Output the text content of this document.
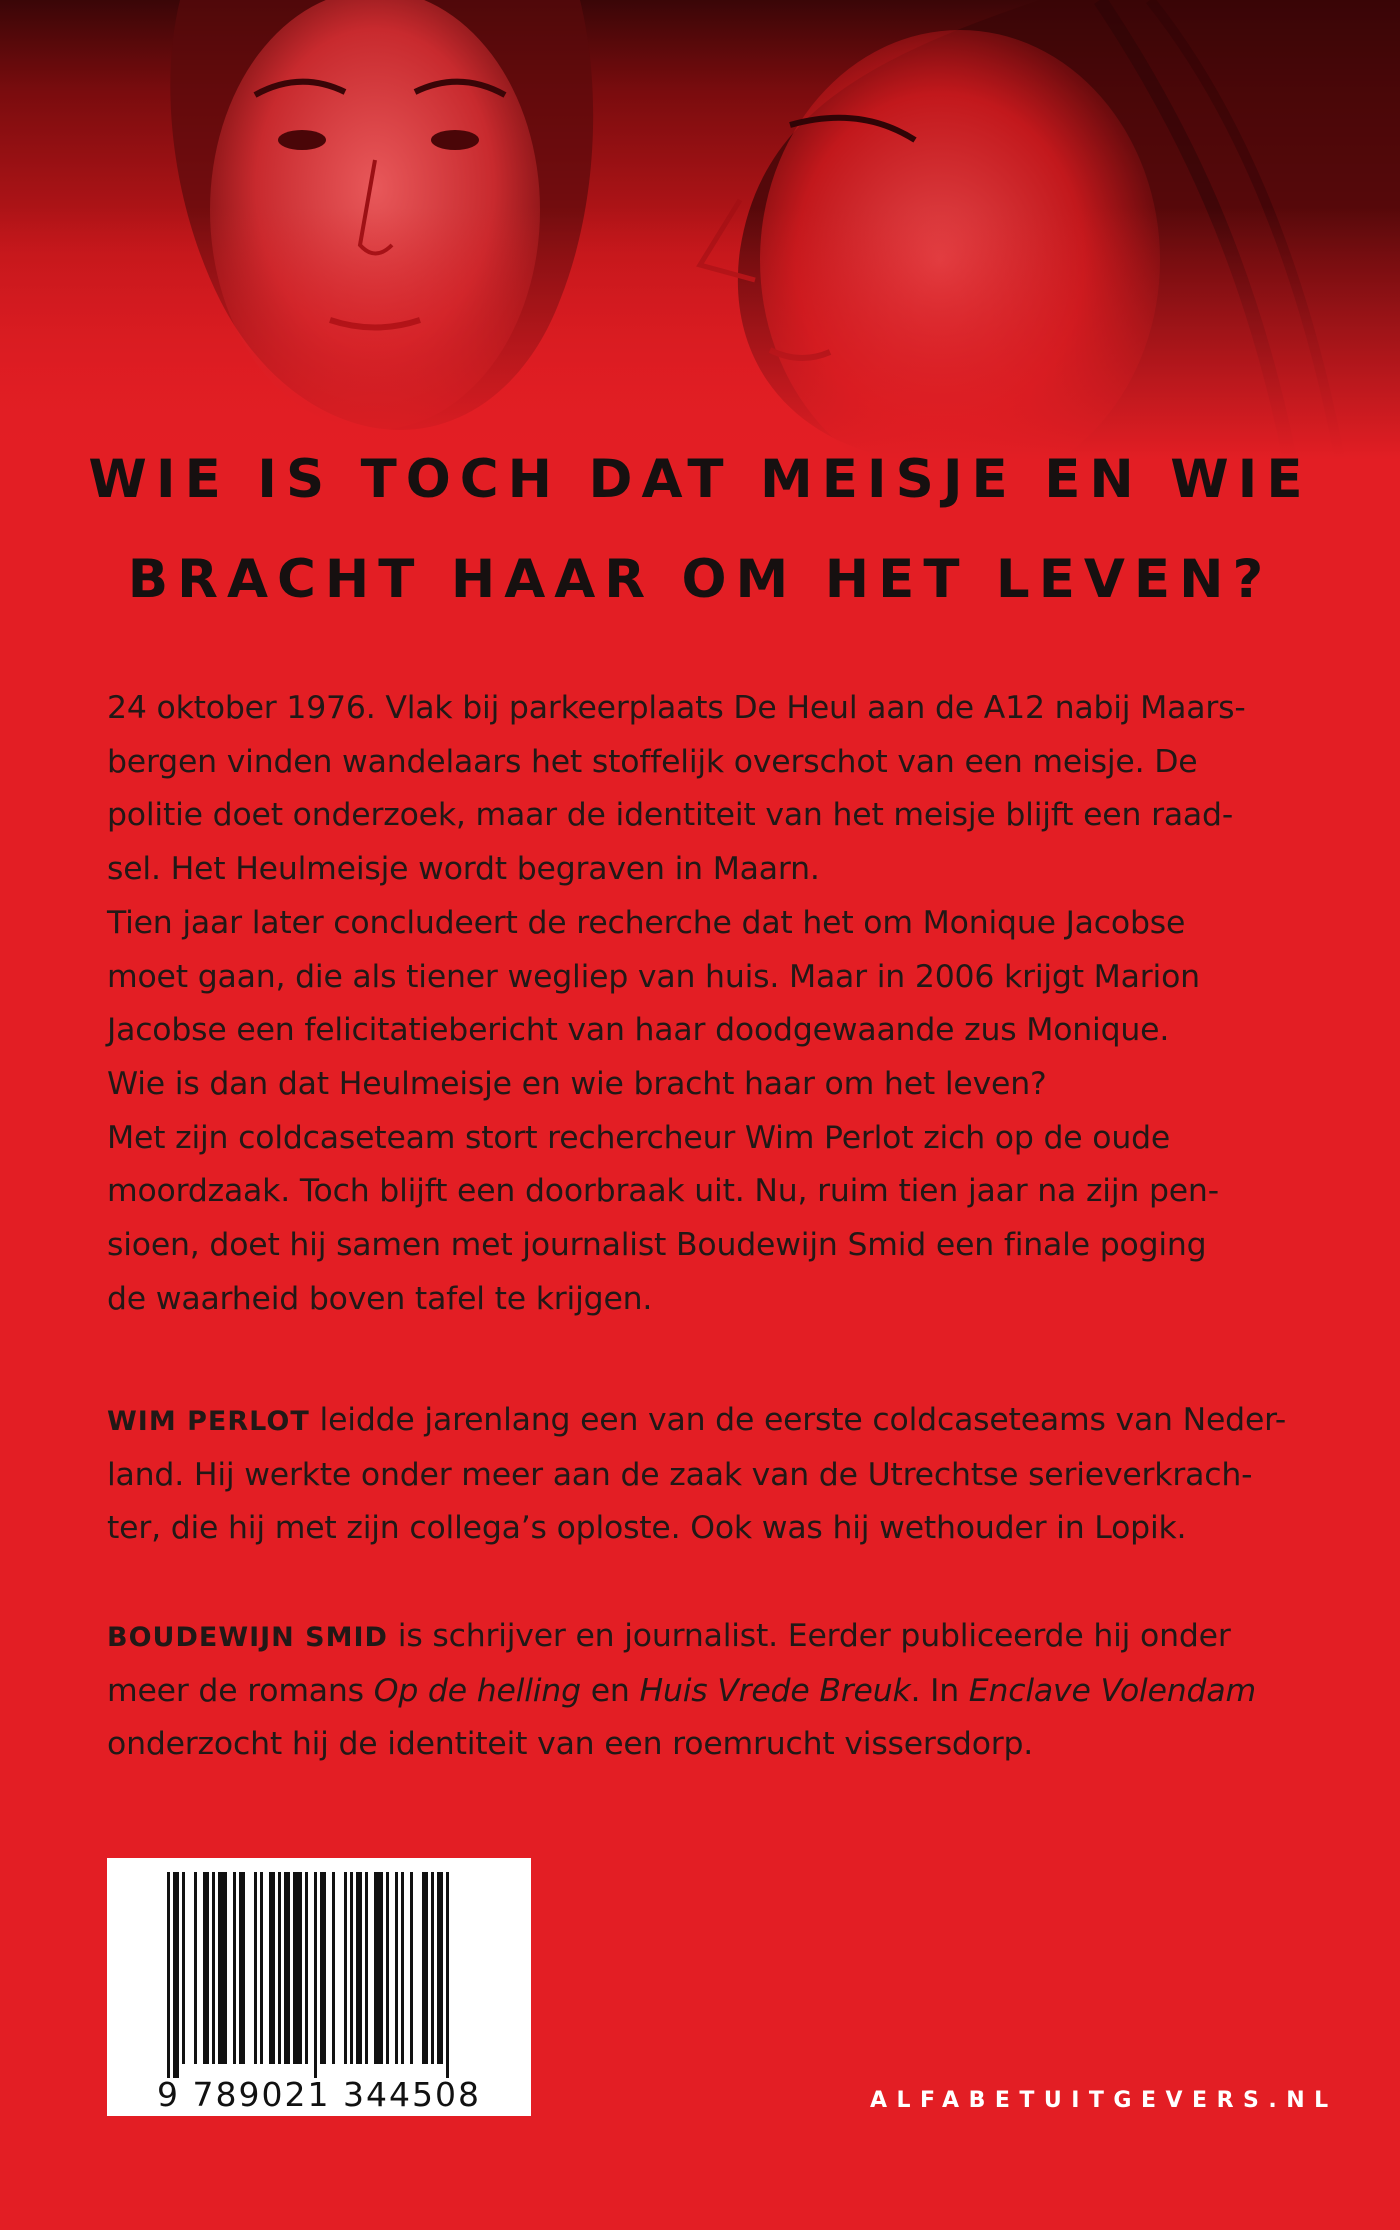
WIE IS TOCH DAT MEISJE EN WIE
BRACHT HAAR OM HET LEVEN?
24 oktober 1976. Vlak bij parkeerplaats De Heul aan de A12 nabij Maars-
bergen vinden wandelaars het stoffelijk overschot van een meisje. De
politie doet onderzoek, maar de identiteit van het meisje blijft een raad-
sel. Het Heulmeisje wordt begraven in Maarn.
Tien jaar later concludeert de recherche dat het om Monique Jacobse
moet gaan, die als tiener wegliep van huis. Maar in 2006 krijgt Marion
Jacobse een felicitatiebericht van haar doodgewaande zus Monique.
Wie is dan dat Heulmeisje en wie bracht haar om het leven?
Met zijn coldcaseteam stort rechercheur Wim Perlot zich op de oude
moordzaak. Toch blijft een doorbraak uit. Nu, ruim tien jaar na zijn pen-
sioen, doet hij samen met journalist Boudewijn Smid een finale poging
de waarheid boven tafel te krijgen.
WIM PERLOT leidde jarenlang een van de eerste coldcaseteams van Neder-
land. Hij werkte onder meer aan de zaak van de Utrechtse serieverkrach-
ter, die hij met zijn collega’s oploste. Ook was hij wethouder in Lopik.
BOUDEWIJN SMID is schrijver en journalist. Eerder publiceerde hij onder
meer de romans Op de helling en Huis Vrede Breuk. In Enclave Volendam
onderzocht hij de identiteit van een roemrucht vissersdorp.
9 789021 344508	ALFABETUITGEVERS.NL
